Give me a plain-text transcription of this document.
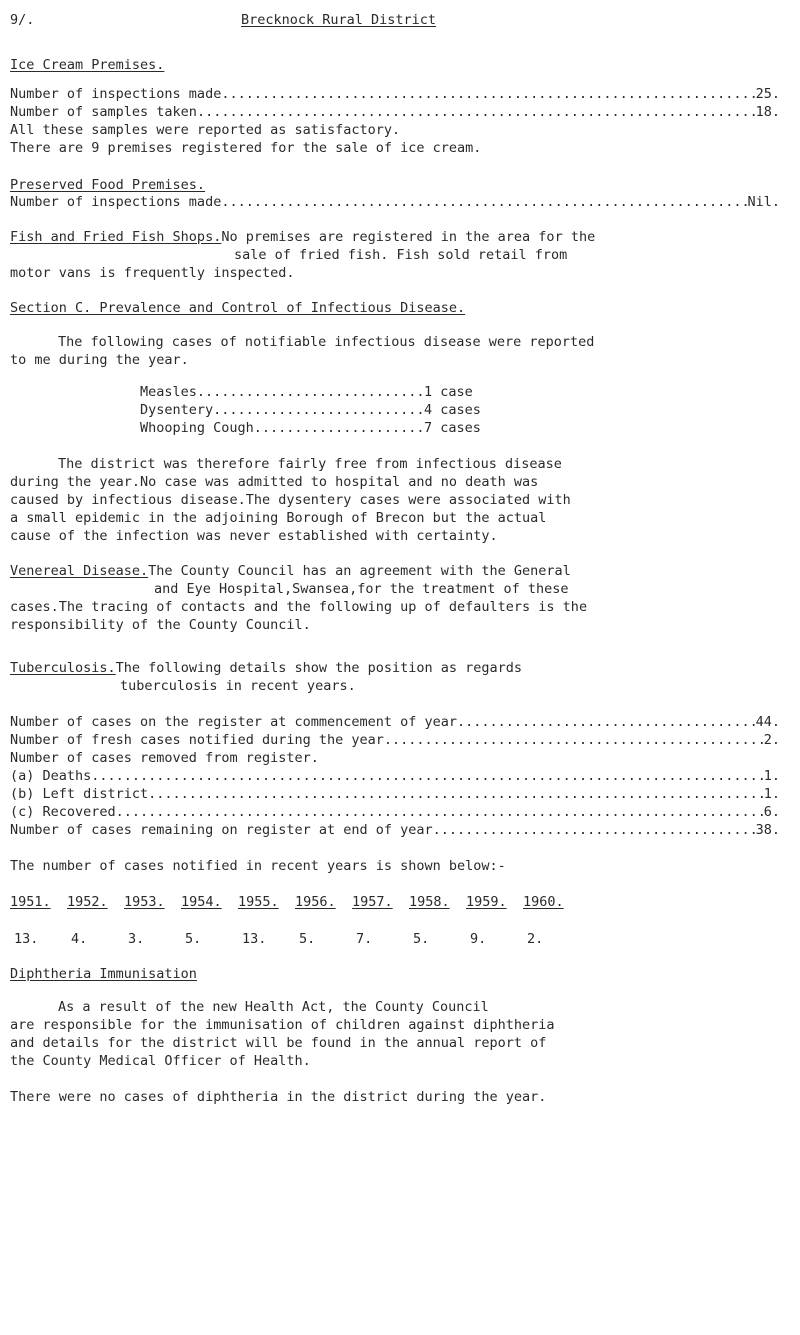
9/.	Brecknock Rural District
Ice Cream Premises.
Number of inspections made .....	25.
Number of samples taken .....	18.
All these samples were reported as satisfactory.
There are 9 premises registered for the sale of ice cream.
Preserved Food Premises.
Number of inspections made .....	Nil.
Fish and Fried Fish Shops.No premises are registered in the area for the
sale of fried fish. Fish sold retail from
motor vans is frequently inspected.
Section C. Prevalence and Control of Infectious Disease.
The following cases of notifiable infectious disease were reported
to me during the year.
Measles .....	1 case
Dysentery .....	4 cases
Whooping Cough .....	7 cases
The district was therefore fairly free from infectious disease
during the year.No case was admitted to hospital and no death was
caused by infectious disease.The dysentery cases were associated with
a small epidemic in the adjoining Borough of Brecon but the actual
cause of the infection was never established with certainty.
Venereal Disease.The County Council has an agreement with the General
and Eye Hospital,Swansea,for the treatment of these
cases.The tracing of contacts and the following up of defaulters is the
responsibility of the County Council.
Tuberculosis.The following details show the position as regards
tuberculosis in recent years.
Number of cases on the register at commencement of year .....	44.
Number of fresh cases notified during the year .....	2.
Number of cases removed from register.
(a) Deaths .....	1.
(b) Left district .....	1.
(c) Recovered .....	6.
Number of cases remaining on register at end of year .....	38.
The number of cases notified in recent years is shown below:-
1951.	1952.	1953.	1954.	1955.	1956.	1957.	1958.	1959.	1960.
13.	4.	3.	5.	13.	5.	7.	5.	9.	2.
Diphtheria Immunisation
As a result of the new Health Act, the County Council
are responsible for the immunisation of children against diphtheria
and details for the district will be found in the annual report of
the County Medical Officer of Health.
There were no cases of diphtheria in the district during the year.
